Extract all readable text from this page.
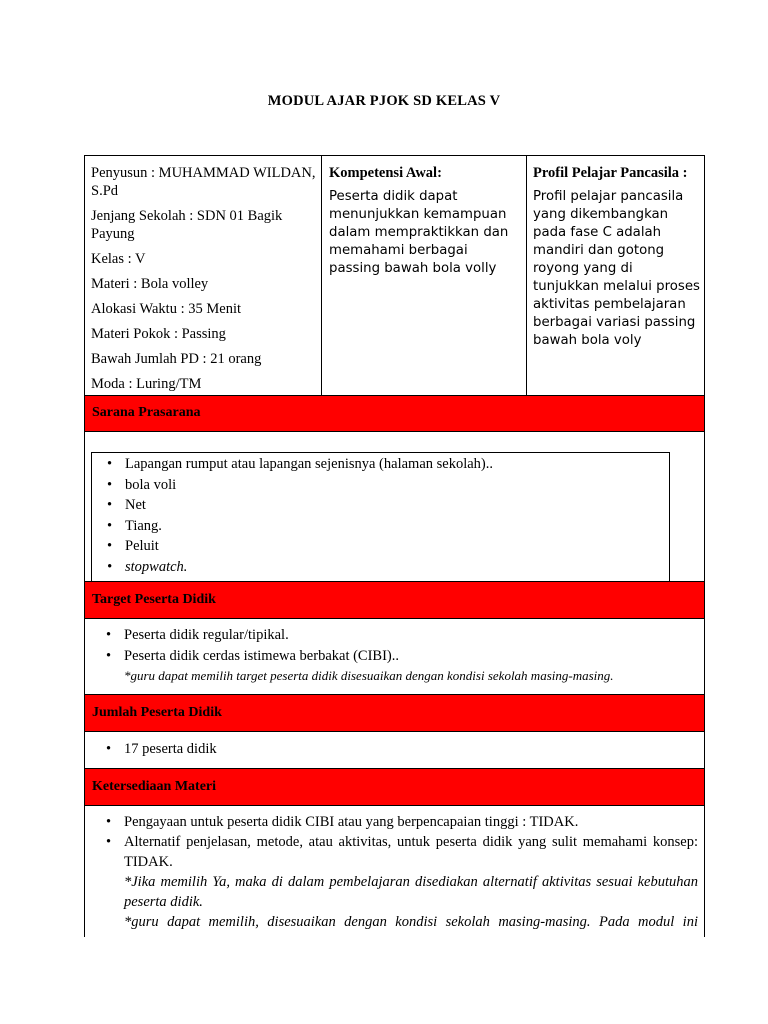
MODUL AJAR PJOK SD KELAS V

Penyusun : MUHAMMAD WILDAN, S.Pd

Jenjang Sekolah : SDN 01 Bagik Payung

Kelas : V

Materi : Bola volley

Alokasi Waktu : 35 Menit

Materi Pokok : Passing

Bawah Jumlah PD : 21 orang

Moda : Luring/TM

Kompetensi Awal:
Peserta didik dapat menunjukkan kemampuan dalam mempraktikkan dan memahami berbagai passing bawah bola volly
Profil Pelajar Pancasila :
Profil pelajar pancasila yang dikembangkan pada fase C adalah mandiri dan gotong royong yang di tunjukkan melalui proses aktivitas pembelajaran berbagai variasi passing bawah bola voly
Sarana Prasarana
• Lapangan rumput atau lapangan sejenisnya (halaman sekolah)..
• bola voli
• Net
• Tiang.
• Peluit
• stopwatch.
Target Peserta Didik
• Peserta didik regular/tipikal.
• Peserta didik cerdas istimewa berbakat (CIBI)..
*guru dapat memilih target peserta didik disesuaikan dengan kondisi sekolah masing-masing.
Jumlah Peserta Didik
• 17 peserta didik
Ketersediaan Materi
• Pengayaan untuk peserta didik CIBI atau yang berpencapaian tinggi : TIDAK.
• Alternatif penjelasan, metode, atau aktivitas, untuk peserta didik yang sulit memahami konsep: TIDAK.
*Jika memilih Ya, maka di dalam pembelajaran disediakan alternatif aktivitas sesuai kebutuhan peserta didik.
*guru dapat memilih, disesuaikan dengan kondisi sekolah masing-masing. Pada modul ini
